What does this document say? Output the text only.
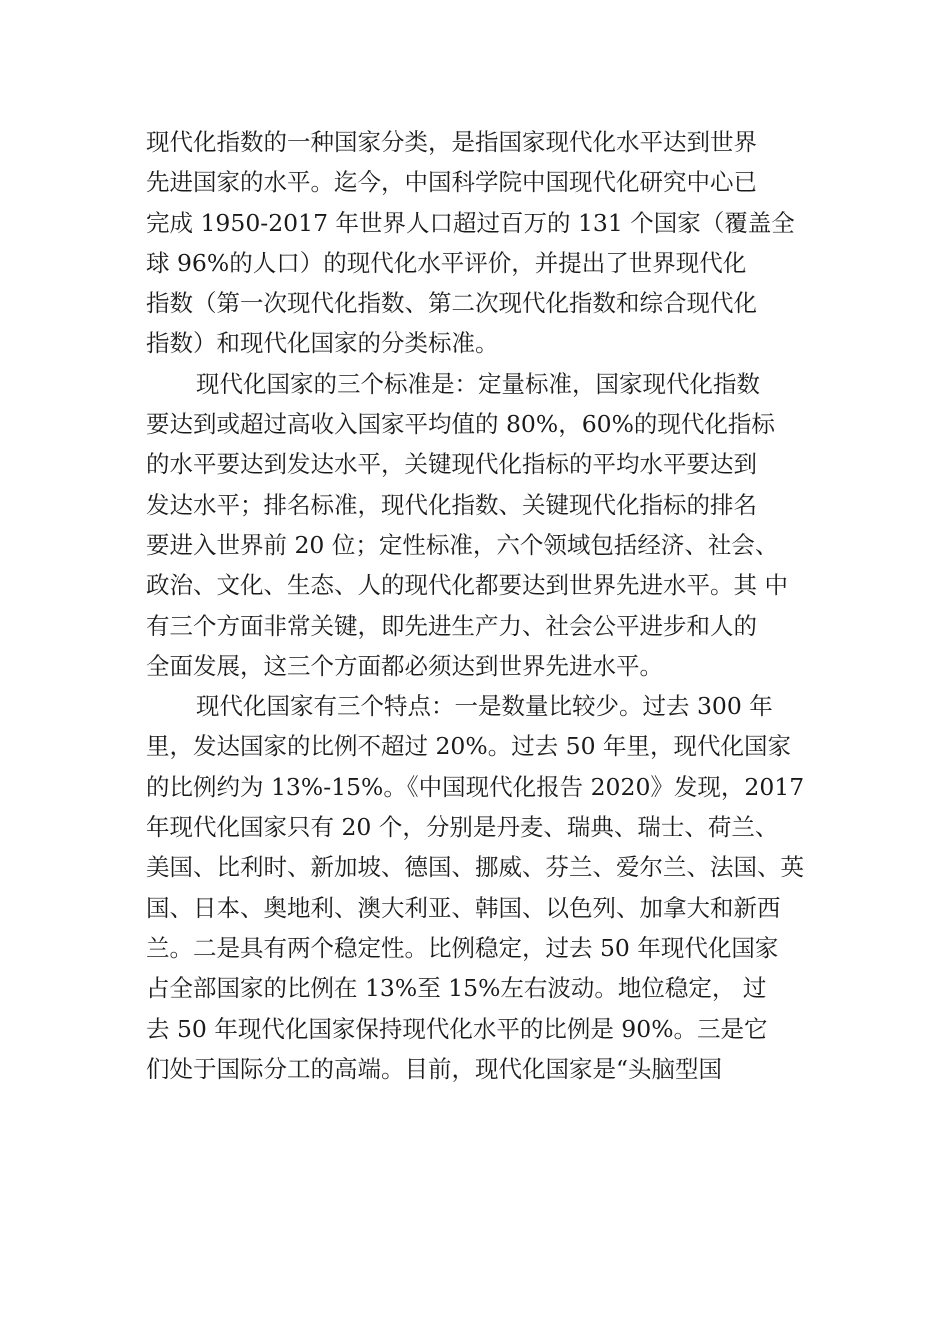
现代化指数的一种国家分类，是指国家现代化水平达到世界
先进国家的水平。迄今，中国科学院中国现代化研究中心已
完成 1950-2017 年世界人口超过百万的 131 个国家（覆盖全
球 96%的人口）的现代化水平评价，并提出了世界现代化
指数（第一次现代化指数、第二次现代化指数和综合现代化
指数）和现代化国家的分类标准。
现代化国家的三个标准是：定量标准，国家现代化指数
要达到或超过高收入国家平均值的 80%，60%的现代化指标
的水平要达到发达水平，关键现代化指标的平均水平要达到
发达水平；排名标准，现代化指数、关键现代化指标的排名
要进入世界前 20 位；定性标准，六个领域包括经济、社会、
政治、文化、生态、人的现代化都要达到世界先进水平。其 中
有三个方面非常关键，即先进生产力、社会公平进步和人的
全面发展，这三个方面都必须达到世界先进水平。
现代化国家有三个特点：一是数量比较少。过去 300 年
里，发达国家的比例不超过 20%。过去 50 年里，现代化国家
的比例约为 13%-15%。《中国现代化报告 2020》发现，2017
年现代化国家只有 20 个，分别是丹麦、瑞典、瑞士、荷兰、
美国、比利时、新加坡、德国、挪威、芬兰、爱尔兰、法国、英
国、日本、奥地利、澳大利亚、韩国、以色列、加拿大和新西
兰。二是具有两个稳定性。比例稳定，过去 50 年现代化国家
占全部国家的比例在 13%至 15%左右波动。地位稳定， 过
去 50 年现代化国家保持现代化水平的比例是 90%。三是它
们处于国际分工的高端。目前，现代化国家是“头脑型国
